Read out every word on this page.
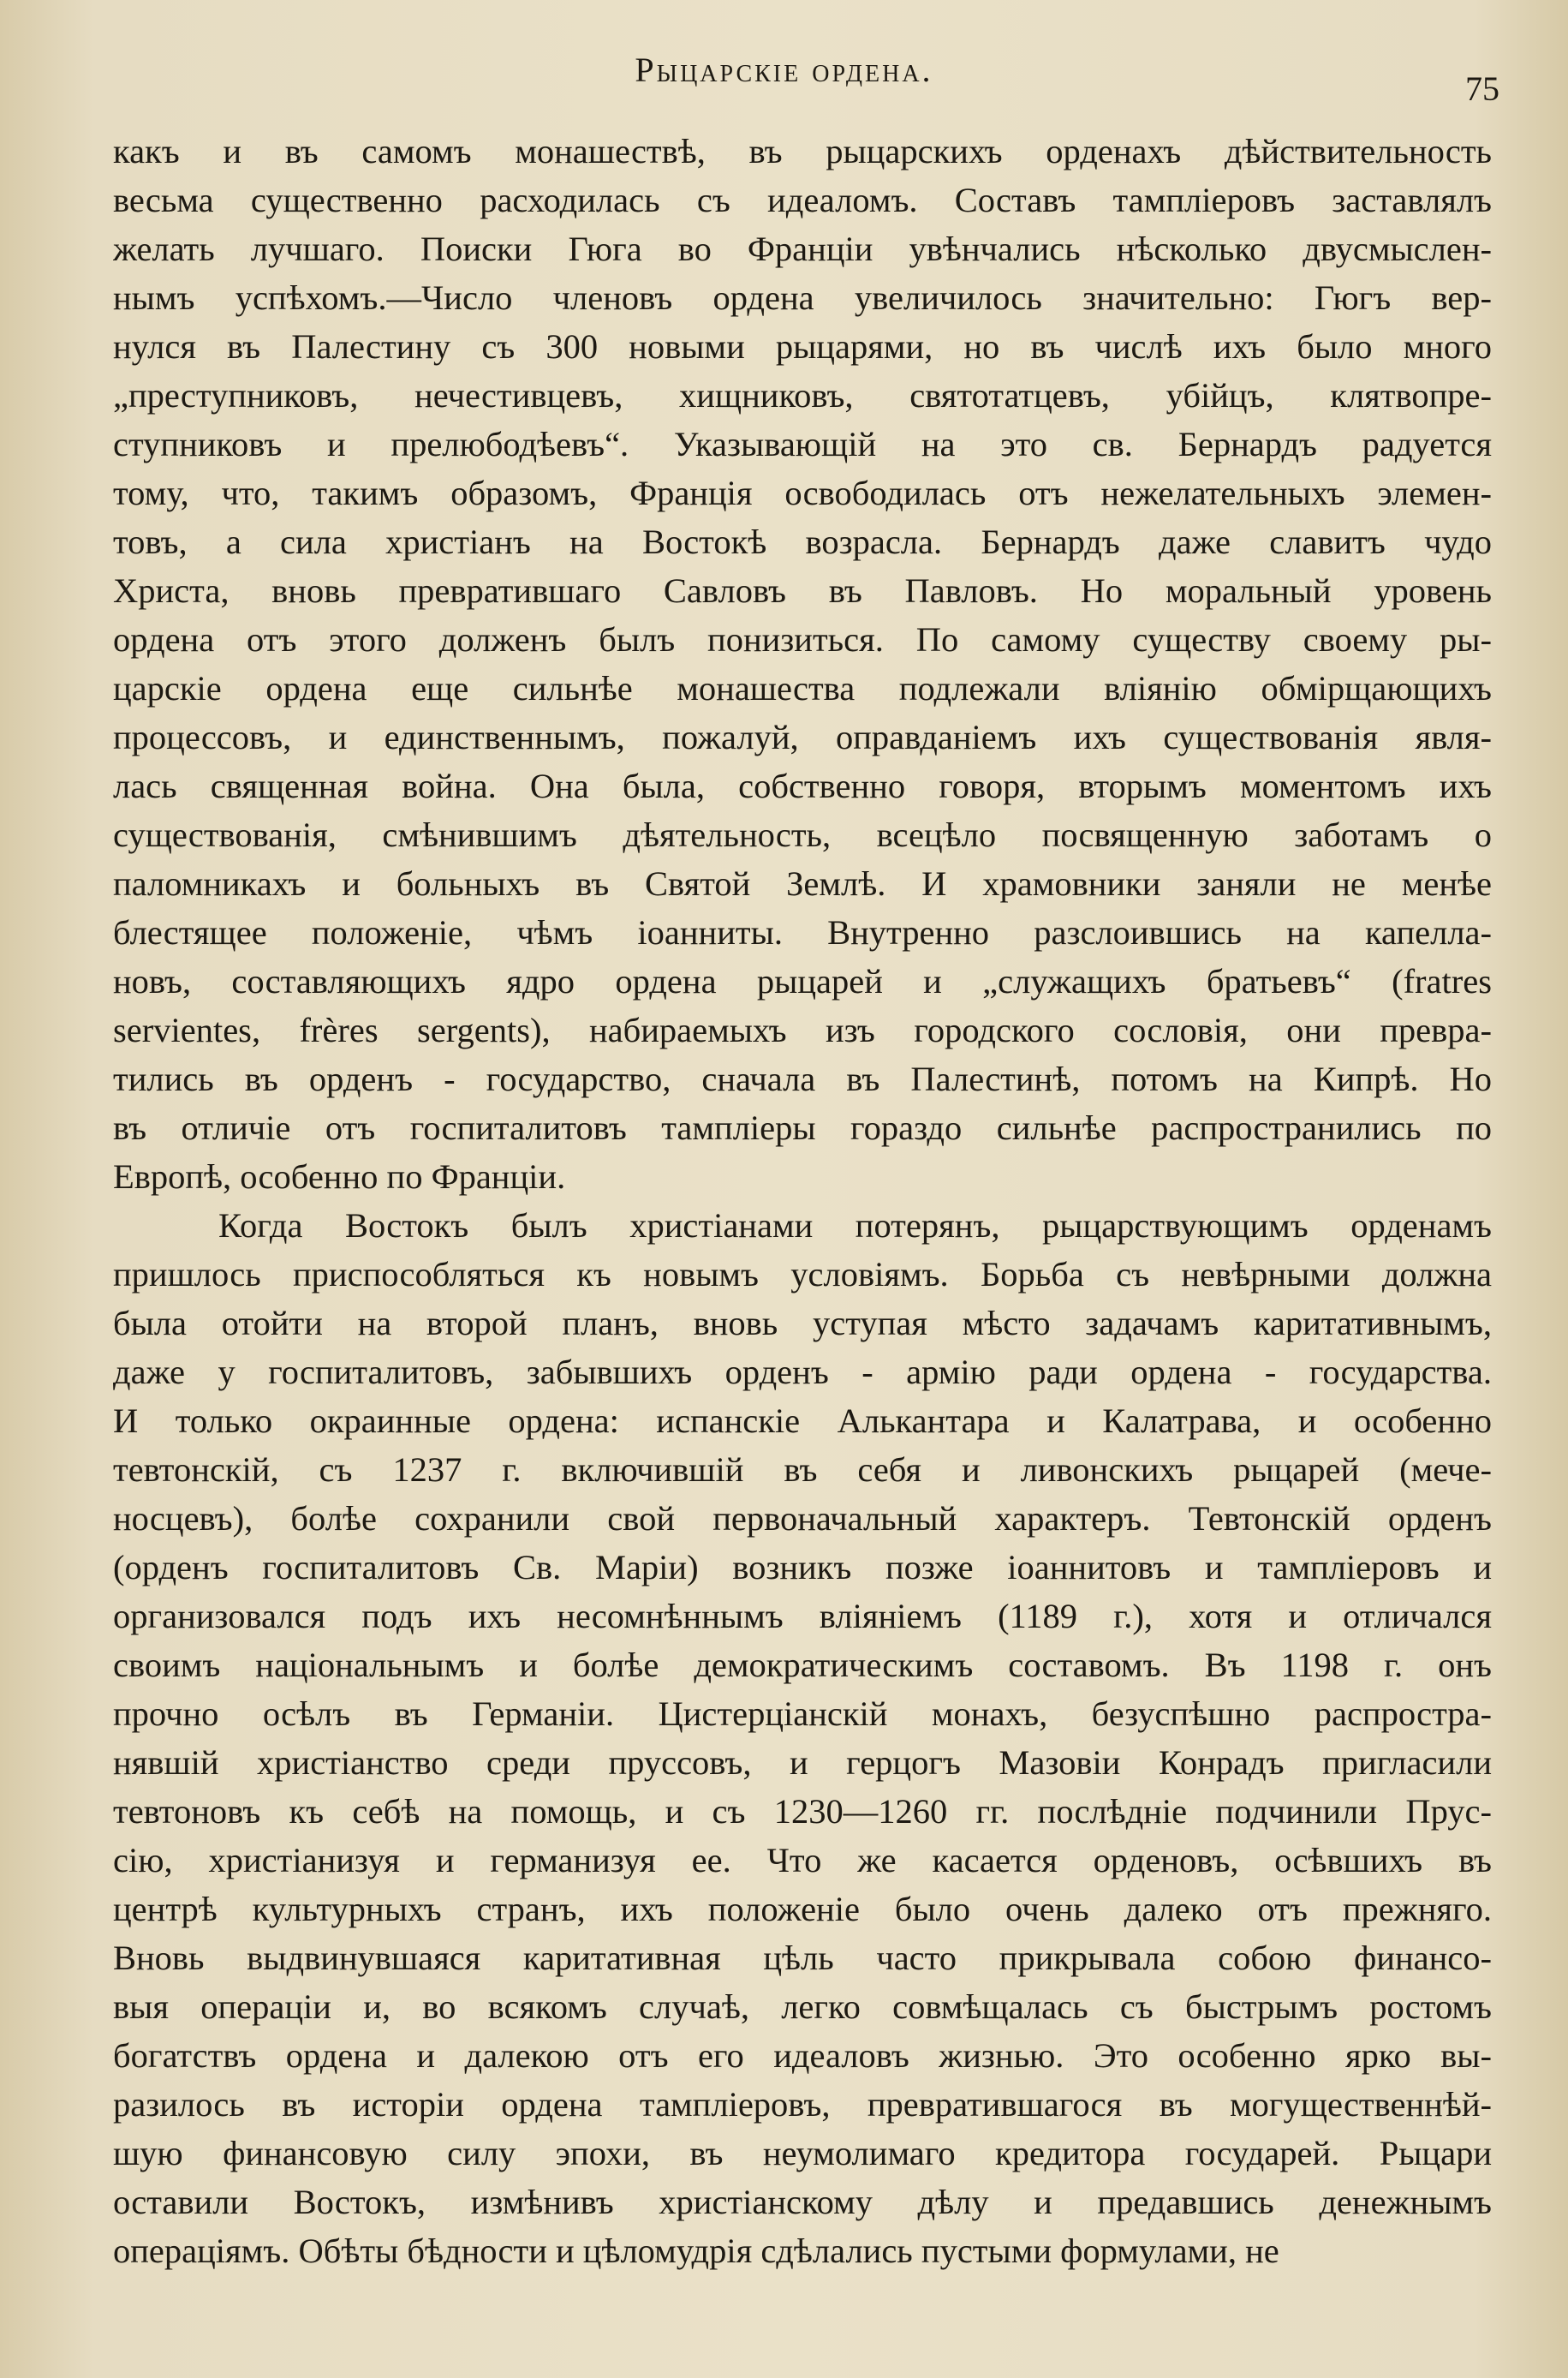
Рыцарскіе ордена.	75
какъ и въ самомъ монашествѣ, въ рыцарскихъ орденахъ дѣйствительность
весьма существенно расходилась съ идеаломъ. Составъ тампліеровъ заставлялъ
желать лучшаго. Поиски Гюга во Франціи увѣнчались нѣсколько двусмыслен-
нымъ успѣхомъ.—Число членовъ ордена увеличилось значительно: Гюгъ вер-
нулся въ Палестину съ 300 новыми рыцарями, но въ числѣ ихъ было много
„преступниковъ, нечестивцевъ, хищниковъ, святотатцевъ, убійцъ, клятвопре-
ступниковъ и прелюбодѣевъ“. Указывающій на это св. Бернардъ радуется
тому, что, такимъ образомъ, Франція освободилась отъ нежелательныхъ элемен-
товъ, а сила христіанъ на Востокѣ возрасла. Бернардъ даже славитъ чудо
Христа, вновь превратившаго Савловъ въ Павловъ. Но моральный уровень
ордена отъ этого долженъ былъ понизиться. По самому существу своему ры-
царскіе ордена еще сильнѣе монашества подлежали вліянію обмірщающихъ
процессовъ, и единственнымъ, пожалуй, оправданіемъ ихъ существованія явля-
лась священная война. Она была, собственно говоря, вторымъ моментомъ ихъ
существованія, смѣнившимъ дѣятельность, всецѣло посвященную заботамъ о
паломникахъ и больныхъ въ Святой Землѣ. И храмовники заняли не менѣе
блестящее положеніе, чѣмъ іоанниты. Внутренно разслоившись на капелла-
новъ, составляющихъ ядро ордена рыцарей и „служащихъ братьевъ“ (fratres
servientes, frères sergents), набираемыхъ изъ городского сословія, они превра-
тились въ орденъ - государство, сначала въ Палестинѣ, потомъ на Кипрѣ. Но
въ отличіе отъ госпиталитовъ тампліеры гораздо сильнѣе распространились по
Европѣ, особенно по Франціи.
Когда Востокъ былъ христіанами потерянъ, рыцарствующимъ орденамъ
пришлось приспособляться къ новымъ условіямъ. Борьба съ невѣрными должна
была отойти на второй планъ, вновь уступая мѣсто задачамъ каритативнымъ,
даже у госпиталитовъ, забывшихъ орденъ - армію ради ордена - государства.
И только окраинные ордена: испанскіе Алькантара и Калатрава, и особенно
тевтонскій, съ 1237 г. включившій въ себя и ливонскихъ рыцарей (мече-
носцевъ), болѣе сохранили свой первоначальный характеръ. Тевтонскій орденъ
(орденъ госпиталитовъ Св. Маріи) возникъ позже іоаннитовъ и тампліеровъ и
организовался подъ ихъ несомнѣннымъ вліяніемъ (1189 г.), хотя и отличался
своимъ національнымъ и болѣе демократическимъ составомъ. Въ 1198 г. онъ
прочно осѣлъ въ Германіи. Цистерціанскій монахъ, безуспѣшно распростра-
нявшій христіанство среди пруссовъ, и герцогъ Мазовіи Конрадъ пригласили
тевтоновъ къ себѣ на помощь, и съ 1230—1260 гг. послѣдніе подчинили Прус-
сію, христіанизуя и германизуя ее. Что же касается орденовъ, осѣвшихъ въ
центрѣ культурныхъ странъ, ихъ положеніе было очень далеко отъ прежняго.
Вновь выдвинувшаяся каритативная цѣль часто прикрывала собою финансо-
выя операціи и, во всякомъ случаѣ, легко совмѣщалась съ быстрымъ ростомъ
богатствъ ордена и далекою отъ его идеаловъ жизнью. Это особенно ярко вы-
разилось въ исторіи ордена тампліеровъ, превратившагося въ могущественнѣй-
шую финансовую силу эпохи, въ неумолимаго кредитора государей. Рыцари
оставили Востокъ, измѣнивъ христіанскому дѣлу и предавшись денежнымъ
операціямъ. Обѣты бѣдности и цѣломудрія сдѣлались пустыми формулами, не
